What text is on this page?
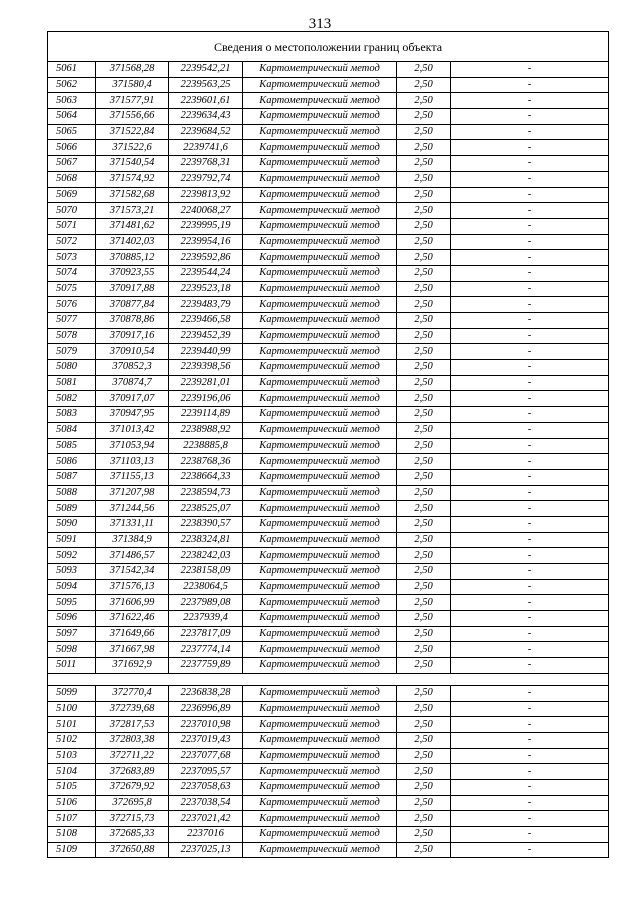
313
Сведения о местоположении границ объекта					
5061	371568,28	2239542,21	Картометрический метод	2,50	-
5062	371580,4	2239563,25	Картометрический метод	2,50	-
5063	371577,91	2239601,61	Картометрический метод	2,50	-
5064	371556,66	2239634,43	Картометрический метод	2,50	-
5065	371522,84	2239684,52	Картометрический метод	2,50	-
5066	371522,6	2239741,6	Картометрический метод	2,50	-
5067	371540,54	2239768,31	Картометрический метод	2,50	-
5068	371574,92	2239792,74	Картометрический метод	2,50	-
5069	371582,68	2239813,92	Картометрический метод	2,50	-
5070	371573,21	2240068,27	Картометрический метод	2,50	-
5071	371481,62	2239995,19	Картометрический метод	2,50	-
5072	371402,03	2239954,16	Картометрический метод	2,50	-
5073	370885,12	2239592,86	Картометрический метод	2,50	-
5074	370923,55	2239544,24	Картометрический метод	2,50	-
5075	370917,88	2239523,18	Картометрический метод	2,50	-
5076	370877,84	2239483,79	Картометрический метод	2,50	-
5077	370878,86	2239466,58	Картометрический метод	2,50	-
5078	370917,16	2239452,39	Картометрический метод	2,50	-
5079	370910,54	2239440,99	Картометрический метод	2,50	-
5080	370852,3	2239398,56	Картометрический метод	2,50	-
5081	370874,7	2239281,01	Картометрический метод	2,50	-
5082	370917,07	2239196,06	Картометрический метод	2,50	-
5083	370947,95	2239114,89	Картометрический метод	2,50	-
5084	371013,42	2238988,92	Картометрический метод	2,50	-
5085	371053,94	2238885,8	Картометрический метод	2,50	-
5086	371103,13	2238768,36	Картометрический метод	2,50	-
5087	371155,13	2238664,33	Картометрический метод	2,50	-
5088	371207,98	2238594,73	Картометрический метод	2,50	-
5089	371244,56	2238525,07	Картометрический метод	2,50	-
5090	371331,11	2238390,57	Картометрический метод	2,50	-
5091	371384,9	2238324,81	Картометрический метод	2,50	-
5092	371486,57	2238242,03	Картометрический метод	2,50	-
5093	371542,34	2238158,09	Картометрический метод	2,50	-
5094	371576,13	2238064,5	Картометрический метод	2,50	-
5095	371606,99	2237989,08	Картометрический метод	2,50	-
5096	371622,46	2237939,4	Картометрический метод	2,50	-
5097	371649,66	2237817,09	Картометрический метод	2,50	-
5098	371667,98	2237774,14	Картометрический метод	2,50	-
5011	371692,9	2237759,89	Картометрический метод	2,50	-

5099	372770,4	2236838,28	Картометрический метод	2,50	-
5100	372739,68	2236996,89	Картометрический метод	2,50	-
5101	372817,53	2237010,98	Картометрический метод	2,50	-
5102	372803,38	2237019,43	Картометрический метод	2,50	-
5103	372711,22	2237077,68	Картометрический метод	2,50	-
5104	372683,89	2237095,57	Картометрический метод	2,50	-
5105	372679,92	2237058,63	Картометрический метод	2,50	-
5106	372695,8	2237038,54	Картометрический метод	2,50	-
5107	372715,73	2237021,42	Картометрический метод	2,50	-
5108	372685,33	2237016	Картометрический метод	2,50	-
5109	372650,88	2237025,13	Картометрический метод	2,50	-
